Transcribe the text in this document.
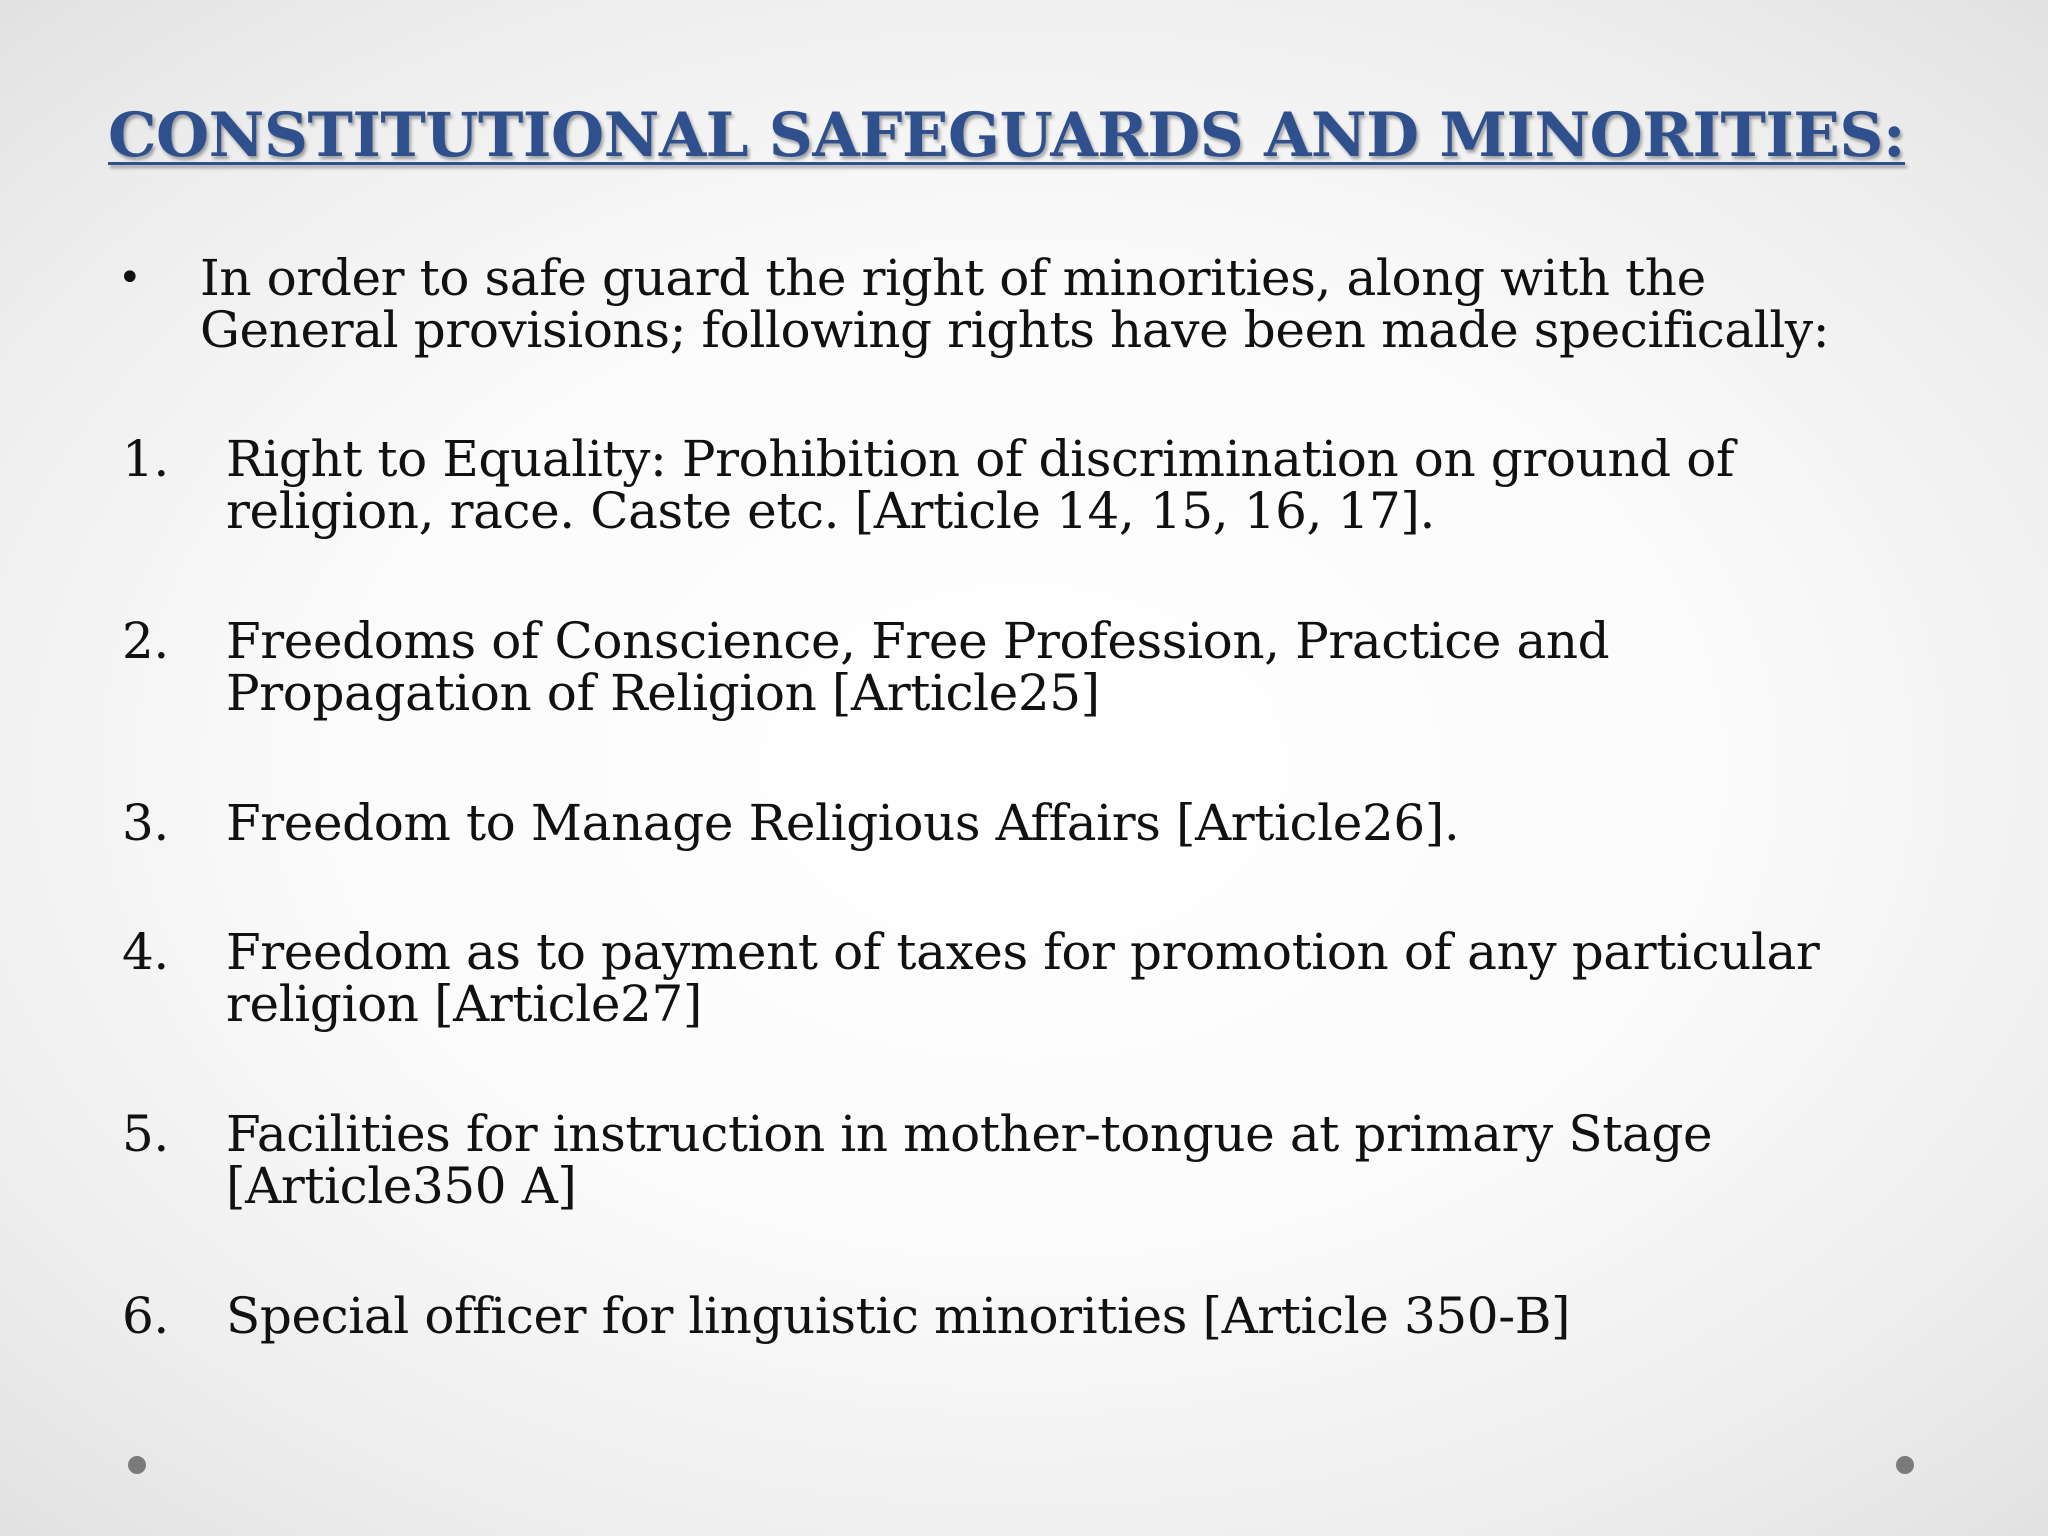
CONSTITUTIONAL SAFEGUARDS AND MINORITIES:
• In order to safe guard the right of minorities, along with the General provisions; following rights have been made specifically:
1. Right to Equality: Prohibition of discrimination on ground of religion, race. Caste etc. [Article 14, 15, 16, 17].
2. Freedoms of Conscience, Free Profession, Practice and Propagation of Religion [Article25]
3. Freedom to Manage Religious Affairs [Article26].
4. Freedom as to payment of taxes for promotion of any particular religion [Article27]
5. Facilities for instruction in mother-tongue at primary Stage [Article350 A]
6. Special officer for linguistic minorities [Article 350-B]
